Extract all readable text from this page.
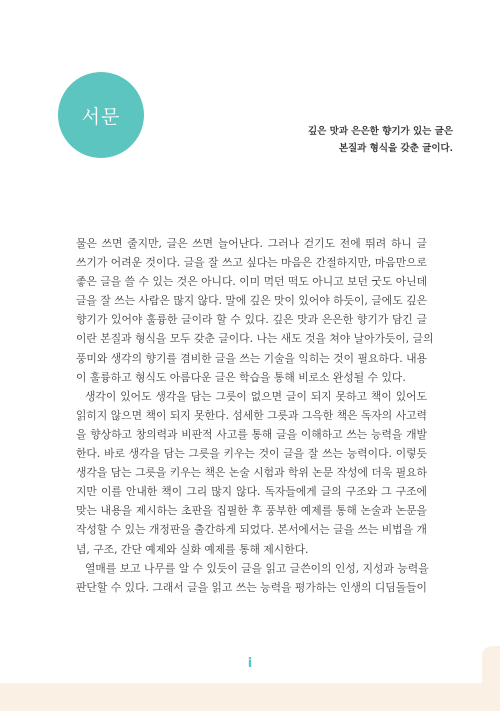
서문
깊은 맛과 은은한 향기가 있는 글은
본질과 형식을 갖춘 글이다.
물은 쓰면 줄지만, 글은 쓰면 늘어난다. 그러나 걷기도 전에 뛰려 하니 글
쓰기가 어려운 것이다. 글을 잘 쓰고 싶다는 마음은 간절하지만, 마음만으로
좋은 글을 쓸 수 있는 것은 아니다. 이미 먹던 떡도 아니고 보던 굿도 아닌데
글을 잘 쓰는 사람은 많지 않다. 말에 깊은 맛이 있어야 하듯이, 글에도 깊은
향기가 있어야 훌륭한 글이라 할 수 있다. 깊은 맛과 은은한 향기가 담긴 글
이란 본질과 형식을 모두 갖춘 글이다. 나는 새도 것을 쳐야 날아가듯이, 글의
풍미와 생각의 향기를 겸비한 글을 쓰는 기술을 익히는 것이 필요하다. 내용
이 훌륭하고 형식도 아름다운 글은 학습을 통해 비로소 완성될 수 있다.
생각이 있어도 생각을 담는 그릇이 없으면 글이 되지 못하고 책이 있어도
읽히지 않으면 책이 되지 못한다. 섬세한 그릇과 그윽한 책은 독자의 사고력
을 향상하고 창의력과 비판적 사고를 통해 글을 이해하고 쓰는 능력을 개발
한다. 바로 생각을 담는 그릇을 키우는 것이 글을 잘 쓰는 능력이다. 이렇듯
생각을 담는 그릇을 키우는 책은 논술 시험과 학위 논문 작성에 더욱 필요하
지만 이를 안내한 책이 그리 많지 않다. 독자들에게 글의 구조와 그 구조에
맞는 내용을 제시하는 초판을 집필한 후 풍부한 예제를 통해 논술과 논문을
작성할 수 있는 개정판을 출간하게 되었다. 본서에서는 글을 쓰는 비법을 개
념, 구조, 간단 예제와 실화 예제를 통해 제시한다.
열매를 보고 나무를 알 수 있듯이 글을 읽고 글쓴이의 인성, 지성과 능력을
판단할 수 있다. 그래서 글을 읽고 쓰는 능력을 평가하는 인생의 디딤돌들이
i
